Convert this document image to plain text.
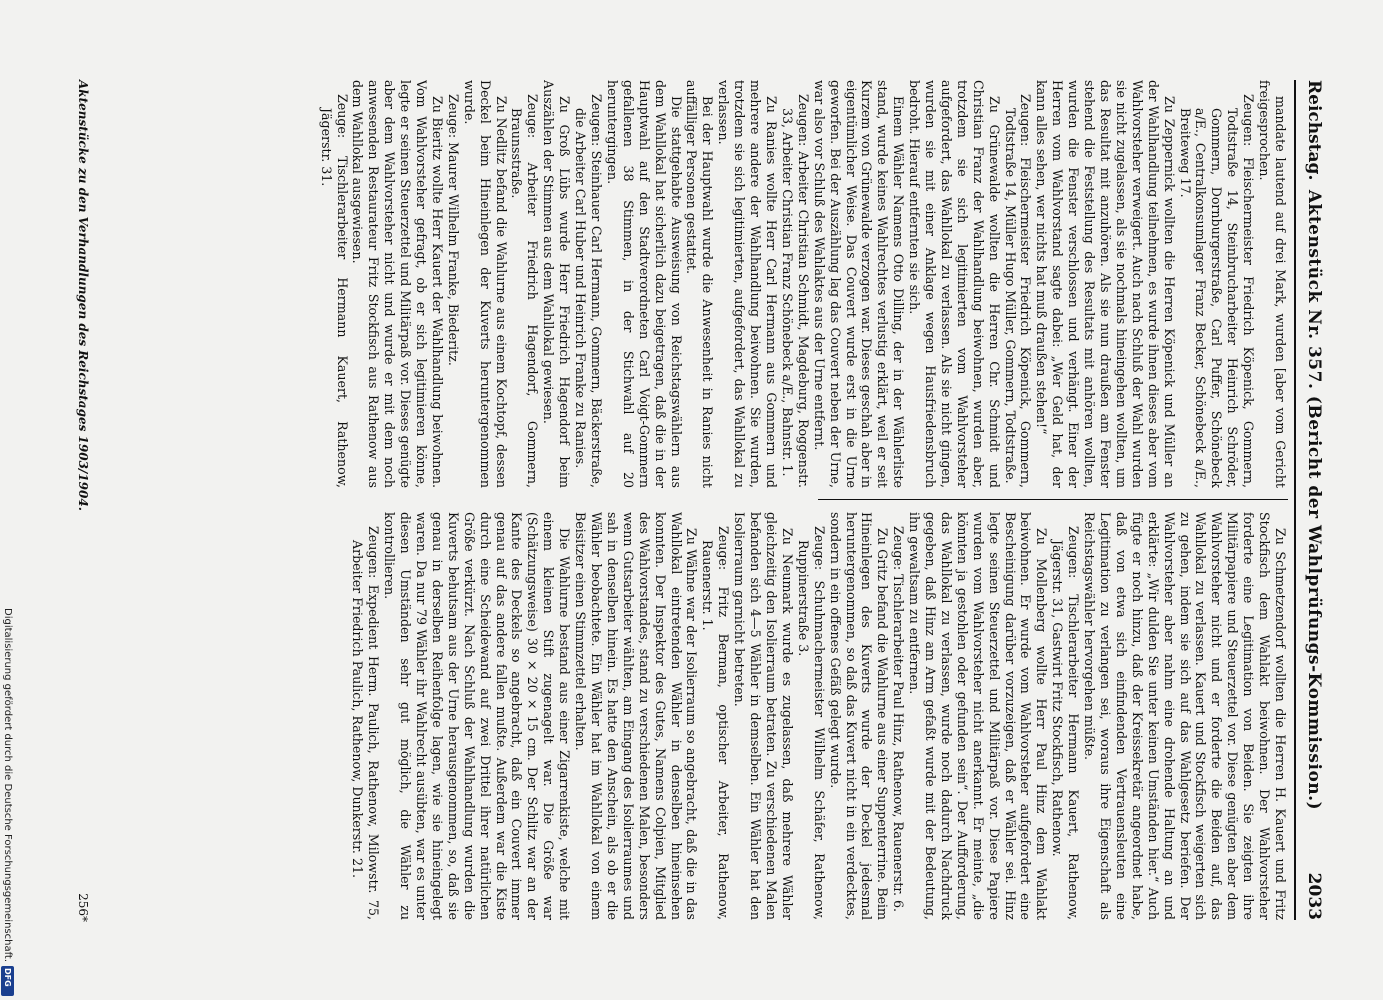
Reichstag.
Aktenstück Nr. 357. (Bericht der Wahlprüfungs-Kommission.)
2033

mandate lautend auf drei Mark, wurden [aber vom Gericht freigesprochen.

Zeugen: Fleischermeister Friedrich Köpenick, Gommern, Todtstraße 14, Steinbrucharbeiter Heinrich Schröder, Gommern, Dornburgerstraße, Carl Puffer, Schönebeck a/E., Centralkonsumlager Franz Becker, Schönebeck a/E., Breiteweg 17.

Zu Zeppernick wollten die Herren Köpenick und Müller an der Wahlhandlung teilnehmen, es wurde ihnen dieses aber vom Wahlvorsteher verweigert. Auch nach Schluß der Wahl wurden sie nicht zugelassen, als sie nochmals hineingehen wollten, um das Resultat mit anzuhören. Als sie nun draußen am Fenster stehend die Feststellung des Resultats mit anhören wollten, wurden die Fenster verschlossen und verhängt. Einer der Herren vom Wahlvorstand sagte dabei: „Wer Geld hat, der kann alles sehen, wer nichts hat muß draußen stehen!“

Zeugen: Fleischermeister Friedrich Köpenick, Gommern, Todtstraße 14, Müller Hugo Müller, Gommern, Todtstraße.

Zu Grünewalde wollten die Herren Chr. Schmidt und Christian Franz der Wahlhandlung beiwohnen, wurden aber, trotzdem sie sich legitimierten vom Wahlvorsteher aufgefordert, das Wahllokal zu verlassen. Als sie nicht gingen, wurden sie mit einer Anklage wegen Hausfriedensbruch bedroht. Hierauf entfernten sie sich.

Einem Wähler Namens Otto Dilling, der in der Wählerliste stand, wurde keines Wahlrechtes verlustig erklärt, weil er seit Kurzem von Grünewalde verzogen war. Dieses geschah aber in eigentümlicher Weise. Das Couvert wurde erst in die Urne geworfen. Bei der Auszählung lag das Couvert neben der Urne, war also vor Schluß des Wahlaktes aus der Urne entfernt.

Zeugen: Arbeiter Christian Schmidt, Magdeburg, Roggenstr. 33, Arbeiter Christian Franz Schönebeck a/E., Bahnstr. 1.

Zu Ranies wollte Herr Carl Hermann aus Gommern und mehrere andere der Wahlhandlung beiwohnen. Sie wurden, trotzdem sie sich legitimierten, aufgefordert, das Wahllokal zu verlassen.

Bei der Hauptwahl wurde die Anwesenheit in Ranies nicht auffälliger Personen gestattet.

Die stattgehabte Ausweisung von Reichstagswählern aus dem Wahllokal hat sicherlich dazu beigetragen, daß die in der Hauptwahl auf den Stadtverordneten Carl Voigt-Gommern gefallenen 38 Stimmen, in der Stichwahl auf 20 heruntergingen.

Zeugen: Steinhauer Carl Hermann, Gommern, Bäckerstraße, die Arbeiter Carl Huber und Heinrich Franke zu Ranies.

Zu Groß Lübs wurde Herr Friedrich Hagendorf beim Auszählen der Stimmen aus dem Wahllokal gewiesen.

Zeuge: Arbeiter Friedrich Hagendorf, Gommern, Braunsstraße.

Zu Nedlitz befand die Wahlurne aus einem Kochtopf, dessen Deckel beim Hineinlegen der Kuverts heruntergenommen wurde.

Zeuge: Maurer Wilhelm Franke, Biederitz.

Zu Bieritz wollte Herr Kauert der Wahlhandlung beiwohnen. Vom Wahlvorsteher gefragt, ob er sich legitimieren könne, legte er seinen Steuerzettel und Militärpaß vor. Dieses genügte aber dem Wahlvorsteher nicht und wurde er mit dem noch anwesenden Restaurateur Fritz Stockfisch aus Rathenow aus dem Wahllokal ausgewiesen.

Zeuge: Tischlerarbeiter Hermann Kauert, Rathenow, Jägerstr. 31.

Zu Schmetzendorf wollten die Herren H. Kauert und Fritz Stockfisch dem Wahlakt beiwohnen. Der Wahlvorsteher forderte eine Legitimation von Beiden. Sie zeigten ihre Militärpapiere und Steuerzettel vor. Diese genügten aber dem Wahlvorsteher nicht und er forderte die Beiden auf, das Wahllokal zu verlassen. Kauert und Stockfisch weigerten sich zu gehen, indem sie sich auf das Wahlgesetz beriefen. Der Wahlvorsteher aber nahm eine drohende Haltung an und erklärte: „Wir dulden Sie unter keinen Umständen hier.“ Auch fügte er noch hinzu, daß der Kreissekretär angeordnet habe, daß von etwa sich einfindenden Vertrauensleuten eine Legitimation zu verlangen sei, woraus ihre Eigenschaft als Reichstagswähler hervorgehen müßte.

Zeugen: Tischlerarbeiter Hermann Kauert, Rathenow, Jägerstr. 31, Gastwirt Fritz Stockfisch, Rathenow.

Zu Mollenberg wollte Herr Paul Hinz dem Wahlakt beiwohnen. Er wurde vom Wahlvorsteher aufgefordert eine Bescheinigung darüber vorzuzeigen, daß er Wähler sei. Hinz legte seinen Steuerzettel und Militärpaß vor. Diese Papiere wurden vom Wahlvorsteher nicht anerkannt. Er meinte, „die könnten ja gestohlen oder gefunden sein“. Der Aufforderung, das Wahllokal zu verlassen, wurde noch dadurch Nachdruck gegeben, daß Hinz am Arm gefaßt wurde mit der Bedeutung, ihn gewaltsam zu entfernen.

Zeuge: Tischlerarbeiter Paul Hinz, Rathenow, Rauenerstr. 6.

Zu Gritz befand die Wahlurne aus einer Suppenterrine. Beim Hineinlegen des Kuverts wurde der Deckel jedesmal heruntergenommen, so daß das Kuvert nicht in ein verdecktes, sondern in ein offenes Gefäß gelegt wurde.

Zeuge: Schuhmachermeister Wilhelm Schäfer, Rathenow, Ruppinerstraße 3.

Zu Neumark wurde es zugelassen, daß mehrere Wähler gleichzeitig den Isolierraum betraten. Zu verschiedenen Malen befanden sich 4—5 Wähler in demselben. Ein Wähler hat den Isolierraum garnicht betreten.

Zeuge: Fritz Berman, optischer Arbeiter, Rathenow, Rauenerstr. 1.

Zu Wähne war der Isolierraum so angebracht, daß die in das Wahllokal eintretenden Wähler in denselben hineinsehen konnten. Der Inspektor des Gutes, Namens Colpien, Mitglied des Wahlvorstandes, stand zu verschiedenen Malen, besonders wenn Gutsarbeiter wählten, am Eingang des Isolierraumes und sah in denselben hinein. Es hatte den Anschein, als ob er die Wähler beobachtete. Ein Wähler hat im Wahllokal von einem Beisitzer einen Stimmzettel erhalten.

Die Wahlurne bestand aus einer Zigarrenkiste, welche mit einem kleinen Stift zugenagelt war. Die Größe war (Schätzungsweise) 30 × 20 × 15 cm. Der Schlitz war an der Kante des Deckels so angebracht, daß ein Couvert immer genau auf das andere fallen mußte. Außerdem war die Kiste durch eine Scheidewand auf zwei Drittel ihrer natürlichen Größe verkürzt. Nach Schluß der Wahlhandlung wurden die Kuverts behutsam aus der Urne herausgenommen, so, daß sie genau in derselben Reihenfolge lagen, wie sie hineingelegt waren. Da nur 79 Wähler ihr Wahlrecht ausübten, war es unter diesen Umständen sehr gut möglich, die Wähler zu kontrollieren.

Zeugen: Expedient Herm. Paulich, Rathenow, Milowstr. 75, Arbeiter Friedrich Paulich, Rathenow, Dunkerstr. 21.

Aktenstücke zu den Verhandlungen des Reichstages 1903/1904.
256*
Digitalisierung gefördert durch die Deutsche Forschungsgemeinschaft.
DFG
